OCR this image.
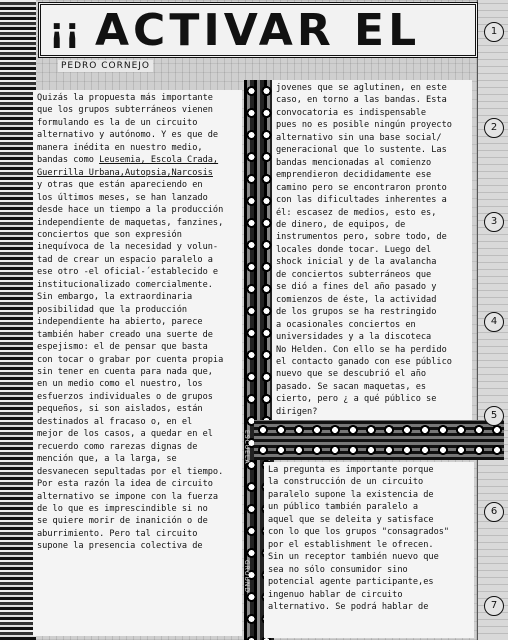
¡¡ ACTIVAR EL
PEDRO CORNEJO
ESCUELA
GROUND

Quizás la propuesta más importante

que los grupos subterráneos vienen

formulando es la de un circuito

alternativo y autónomo. Y es que de

manera inédita en nuestro medio,

bandas como Leusemia, Escola Crada,

Guerrilla Urbana,Autopsia,Narcosis

y otras que están apareciendo en

los últimos meses, se han lanzado

desde hace un tiempo a la producción

independiente de maquetas, fanzines,

conciertos que son expresión

inequívoca de la necesidad y volun-

tad de crear un espacio paralelo a

ese otro -el oficial-´establecido e

institucionalizado comercialmente.

Sin embargo, la extraordinaria

posibilidad que la producción

independiente ha abierto, parece

también haber creado una suerte de

espejismo: el de pensar que basta

con tocar o grabar por cuenta propia

sin tener en cuenta para nada que,

en un medio como el nuestro, los

esfuerzos individuales o de grupos

pequeños, si son aislados, están

destinados al fracaso o, en el

mejor de los casos, a quedar en el

recuerdo como rarezas dignas de

mención que, a la larga, se

desvanecen sepultadas por el tiempo.

Por esta razón la idea de circuito

alternativo se impone con la fuerza

de lo que es imprescindible si no

se quiere morir de inanición o de

aburrimiento. Pero tal circuito

supone la presencia colectiva de

jovenes que se aglutinen, en este

caso, en torno a las bandas. Esta

convocatoria es indispensable

pues no es posible ningún proyecto

alternativo sin una base social/

generacional que lo sustente. Las

bandas mencionadas al comienzo

emprendieron decididamente ese

camino pero se encontraron pronto

con las dificultades inherentes a

él: escasez de medios, esto es,

de dinero, de equipos, de

instrumentos pero, sobre todo, de

locales donde tocar. Luego del

shock inicial y de la avalancha

de conciertos subterráneos que

se dió a fines del año pasado y

comienzos de éste, la actividad

de los grupos se ha restringido

a ocasionales conciertos en

universidades y a la discoteca

No Helden. Con ello se ha perdido

el contacto ganado con ese público

nuevo que se descubrió el año

pasado. Se sacan maquetas, es

cierto, pero ¿ a qué público se

dirigen?

La pregunta es importante porque

la construcción de un circuito

paralelo supone la existencia de

un público también paralelo a

aquel que se deleita y satisface

con lo que los grupos "consagrados"

por el establishment le ofrecen.

Sin un receptor también nuevo que

sea no sólo consumidor sino

potencial agente participante,es

ingenuo hablar de circuito

alternativo. Se podrá hablar de

1
2
3
4
5
6
7
